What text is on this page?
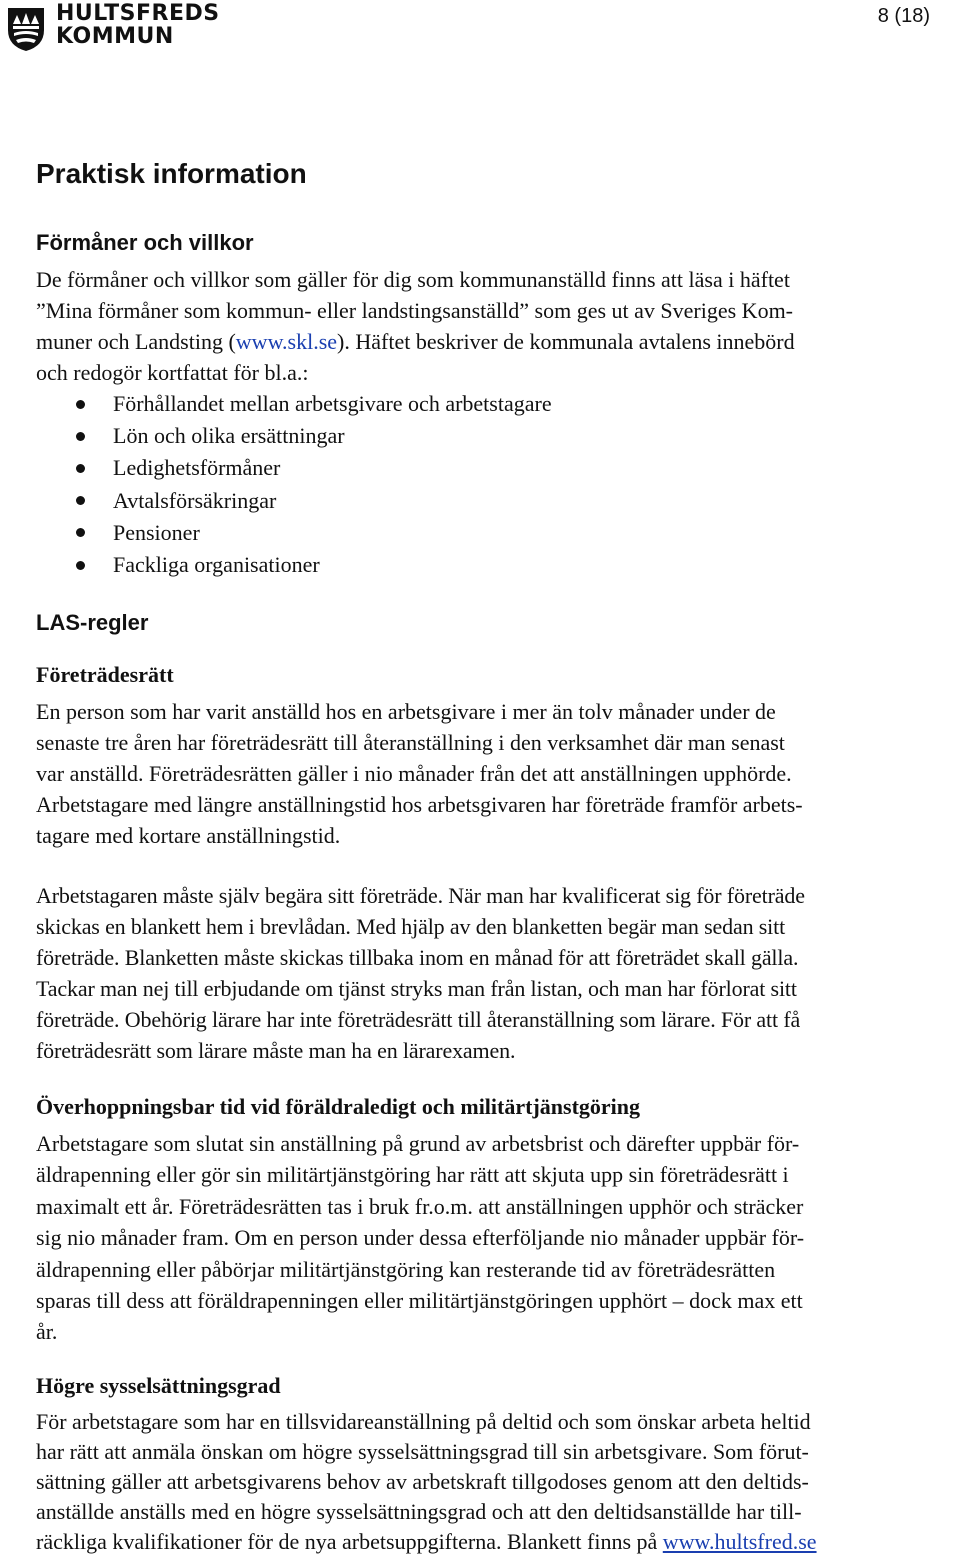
HULTSFREDS
KOMMUN
8 (18)
Praktisk information
Förmåner och villkor
De förmåner och villkor som gäller för dig som kommunanställd finns att läsa i häftet
”Mina förmåner som kommun- eller landstingsanställd” som ges ut av Sveriges Kom-
muner och Landsting (www.skl.se). Häftet beskriver de kommunala avtalens innebörd
och redogör kortfattat för bl.a.:
Förhållandet mellan arbetsgivare och arbetstagare
Lön och olika ersättningar
Ledighetsförmåner
Avtalsförsäkringar
Pensioner
Fackliga organisationer
LAS-regler
Företrädesrätt
En person som har varit anställd hos en arbetsgivare i mer än tolv månader under de
senaste tre åren har företrädesrätt till återanställning i den verksamhet där man senast
var anställd. Företrädesrätten gäller i nio månader från det att anställningen upphörde.
Arbetstagare med längre anställningstid hos arbetsgivaren har företräde framför arbets-
tagare med kortare anställningstid.
Arbetstagaren måste själv begära sitt företräde. När man har kvalificerat sig för företräde
skickas en blankett hem i brevlådan. Med hjälp av den blanketten begär man sedan sitt
företräde. Blanketten måste skickas tillbaka inom en månad för att företrädet skall gälla.
Tackar man nej till erbjudande om tjänst stryks man från listan, och man har förlorat sitt
företräde. Obehörig lärare har inte företrädesrätt till återanställning som lärare. För att få
företrädesrätt som lärare måste man ha en lärarexamen.
Överhoppningsbar tid vid föräldraledigt och militärtjänstgöring
Arbetstagare som slutat sin anställning på grund av arbetsbrist och därefter uppbär för-
äldrapenning eller gör sin militärtjänstgöring har rätt att skjuta upp sin företrädesrätt i
maximalt ett år. Företrädesrätten tas i bruk fr.o.m. att anställningen upphör och sträcker
sig nio månader fram. Om en person under dessa efterföljande nio månader uppbär för-
äldrapenning eller påbörjar militärtjänstgöring kan resterande tid av företrädesrätten
sparas till dess att föräldrapenningen eller militärtjänstgöringen upphört – dock max ett
år.
Högre sysselsättningsgrad
För arbetstagare som har en tillsvidareanställning på deltid och som önskar arbeta heltid
har rätt att anmäla önskan om högre sysselsättningsgrad till sin arbetsgivare. Som förut-
sättning gäller att arbetsgivarens behov av arbetskraft tillgodoses genom att den deltids-
anställde anställs med en högre sysselsättningsgrad och att den deltidsanställde har till-
räckliga kvalifikationer för de nya arbetsuppgifterna. Blankett finns på www.hultsfred.se
